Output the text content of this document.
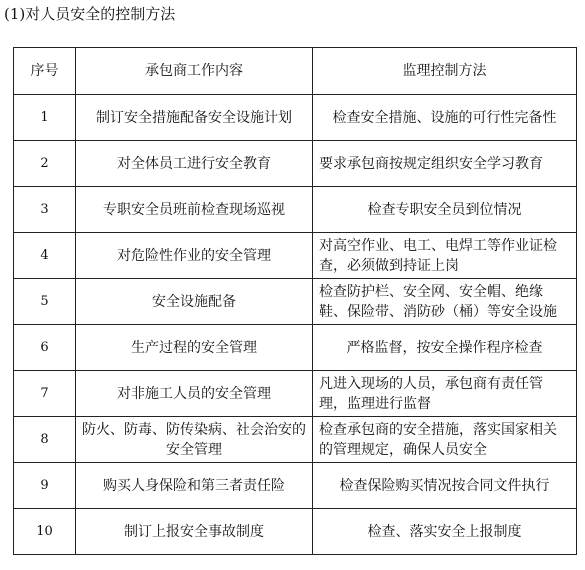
(1)对人员安全的控制方法
序号	承包商工作内容	监理控制方法
1	制订安全措施配备安全设施计划	检查安全措施、设施的可行性完备性
2	对全体员工进行安全教育	要求承包商按规定组织安全学习教育

3	专职安全员班前检查现场巡视	检查专职安全员到位情况
4	对危险性作业的安全管理	对高空作业、电工、电焊工等作业证检查，必须做到持证上岗

5	安全设施配备	检查防护栏、安全网、安全帽、绝缘鞋、保险带、消防砂（桶）等安全设施

6	生产过程的安全管理	严格监督，按安全操作程序检查
7	对非施工人员的安全管理	凡进入现场的人员，承包商有责任管理，监理进行监督

8	防火、防毒、防传染病、社会治安的安全管理	检查承包商的安全措施，落实国家相关的管理规定，确保人员安全

9	购买人身保险和第三者责任险	检查保险购买情况按合同文件执行
10	制订上报安全事故制度	检查、落实安全上报制度
